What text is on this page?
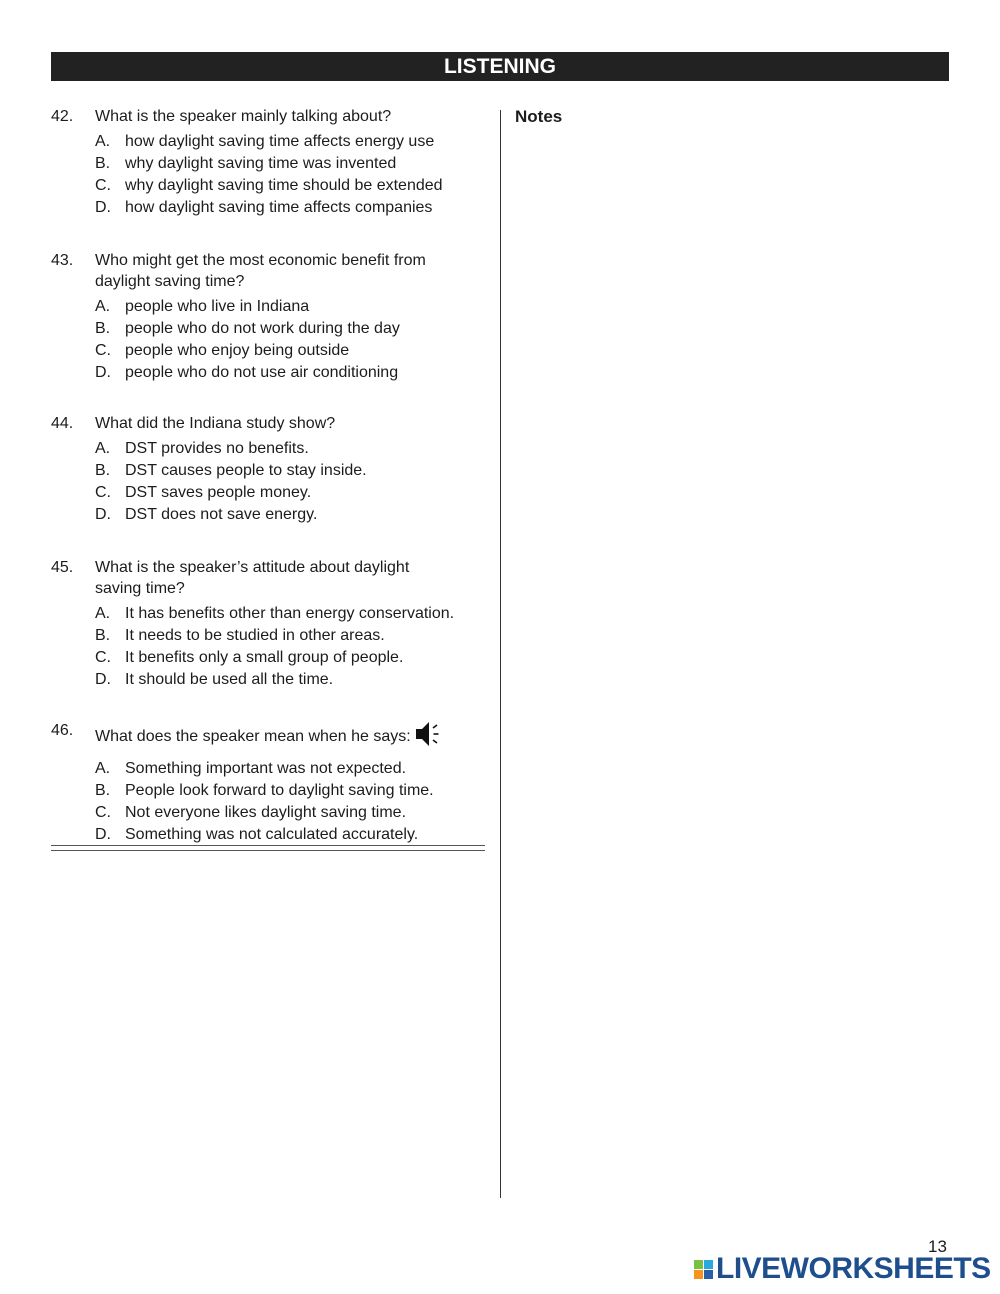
LISTENING
42.	What is the speaker mainly talking about?
A. how daylight saving time affects energy use
B. why daylight saving time was invented
C. why daylight saving time should be extended
D. how daylight saving time affects companies
43.	Who might get the most economic benefit from daylight saving time?
A. people who live in Indiana
B. people who do not work during the day
C. people who enjoy being outside
D. people who do not use air conditioning
44.	What did the Indiana study show?
A. DST provides no benefits.
B. DST causes people to stay inside.
C. DST saves people money.
D. DST does not save energy.
45.	What is the speaker’s attitude about daylight saving time?
A. It has benefits other than energy conservation.
B. It needs to be studied in other areas.
C. It benefits only a small group of people.
D. It should be used all the time.
46.	What does the speaker mean when he says:
A. Something important was not expected.
B. People look forward to daylight saving time.
C. Not everyone likes daylight saving time.
D. Something was not calculated accurately.
Notes
13
LIVEWORKSHEETS
